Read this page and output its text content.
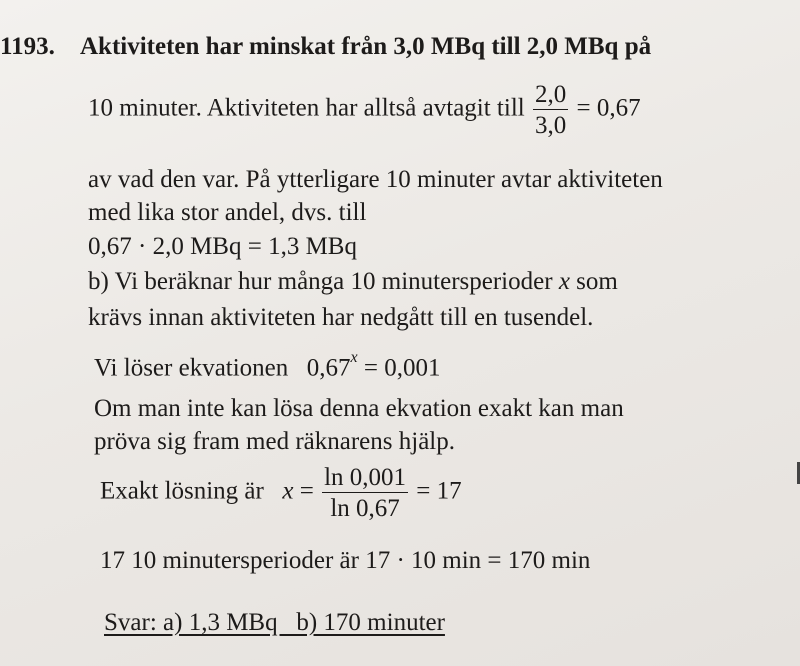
1193. Aktiviteten har minskat från 3,0 MBq till 2,0 MBq på
10 minuter. Aktiviteten har alltså avtagit till $\frac{2,0}{3,0} = 0,67$
av vad den var. På ytterligare 10 minuter avtar aktiviteten
med lika stor andel, dvs. till
0,67 · 2,0 MBq = 1,3 MBq
b) Vi beräknar hur många 10 minutersperioder x som
krävs innan aktiviteten har nedgått till en tusendel.
Vi löser ekvationen $0,67^x = 0,001$
Om man inte kan lösa denna ekvation exakt kan man
pröva sig fram med räknarens hjälp.
Exakt lösning är $x = \frac{\ln 0,001}{\ln 0,67} = 17$
17 10 minutersperioder är 17 · 10 min = 170 min
Svar: a) 1,3 MBq   b) 170 minuter
